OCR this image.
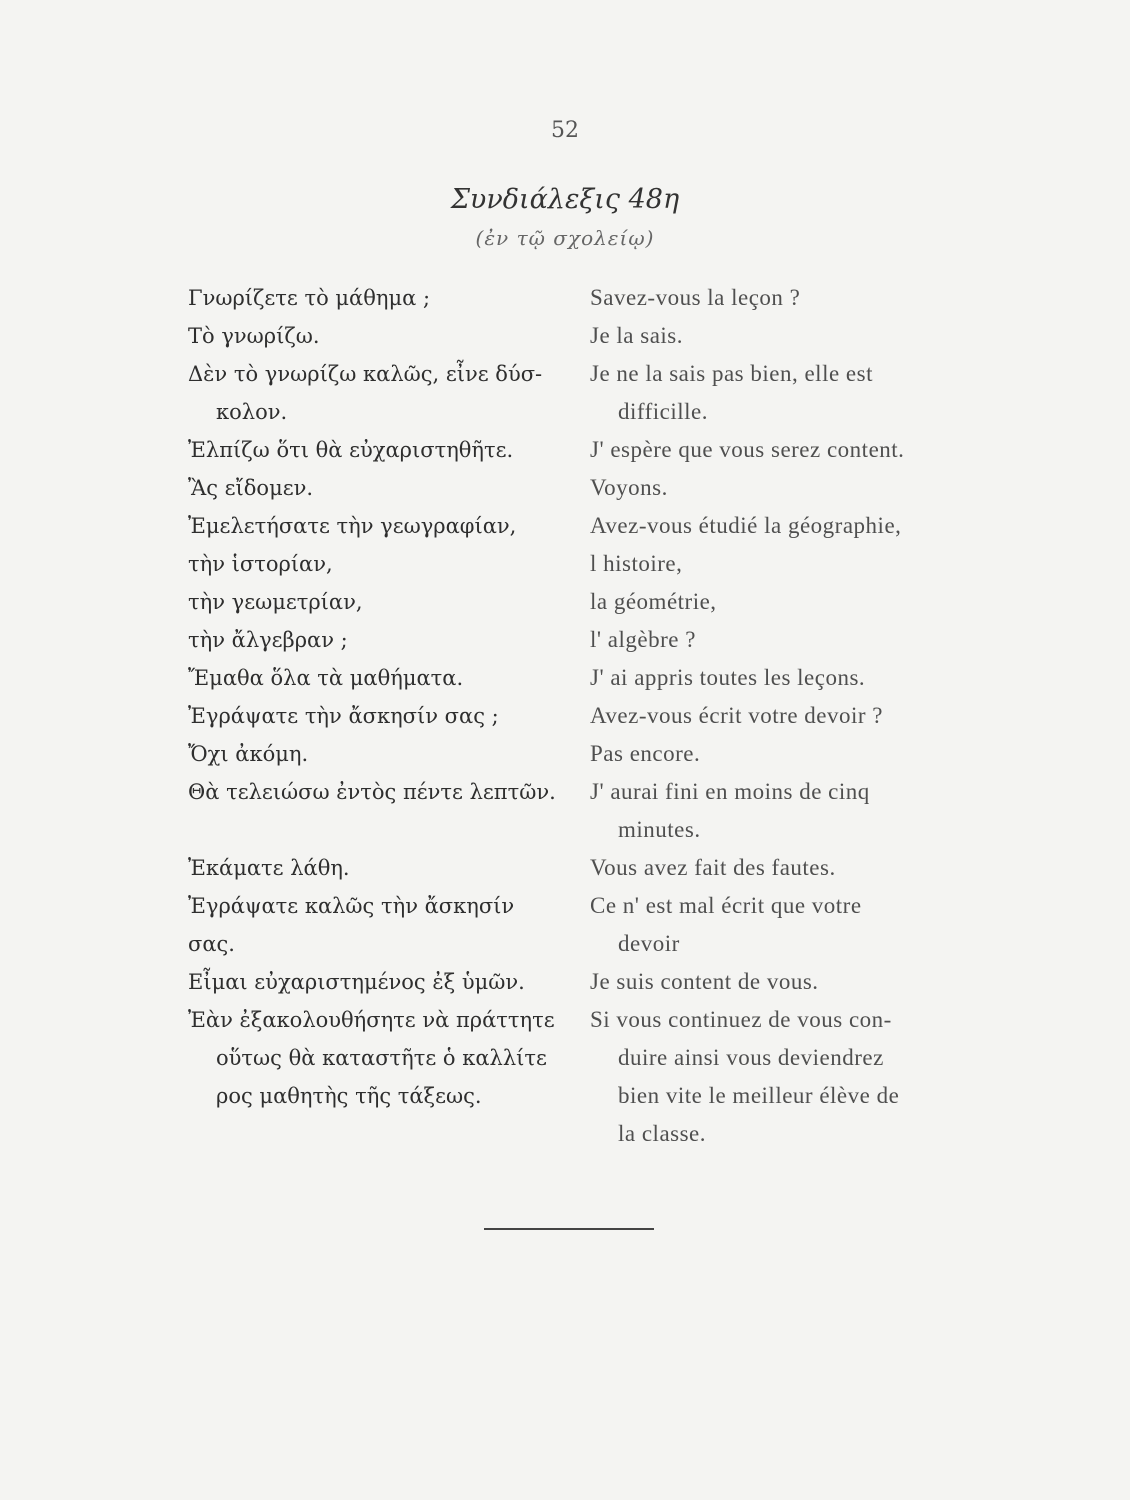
52
Συνδιάλεξις 48η
(ἐν τῷ σχολείῳ)
Γνωρίζετε τὸ μάθημα ;
Τὸ γνωρίζω.
Δὲν τὸ γνωρίζω καλῶς, εἶνε δύσ-
κολον.
Ἐλπίζω ὅτι θὰ εὐχαριστηθῆτε.
Ἂς εἴδομεν.
Ἐμελετήσατε τὴν γεωγραφίαν,
τὴν ἱστορίαν,
τὴν γεωμετρίαν,
τὴν ἄλγεβραν ;
Ἔμαθα ὅλα τὰ μαθήματα.
Ἐγράψατε τὴν ἄσκησίν σας ;
Ὄχι ἀκόμη.
Θὰ τελειώσω ἐντὸς πέντε λεπτῶν.
Ἐκάματε λάθη.
Ἐγράψατε καλῶς τὴν ἄσκησίν
σας.
Εἶμαι εὐχαριστημένος ἐξ ὑμῶν.
Ἐὰν ἐξακολουθήσητε νὰ πράττητε
οὕτως θὰ καταστῆτε ὁ καλλίτε
ρος μαθητὴς τῆς τάξεως.
Savez-vous la leçon ?
Je la sais.
Je ne la sais pas bien, elle est
difficille.
J' espère que vous serez content.
Voyons.
Avez-vous étudié la géographie,
l histoire,
la géométrie,
l' algèbre ?
J' ai appris toutes les leçons.
Avez-vous écrit votre devoir ?
Pas encore.
J' aurai fini en moins de cinq
minutes.
Vous avez fait des fautes.
Ce n' est mal écrit que votre
devoir
Je suis content de vous.
Si vous continuez de vous con-
duire ainsi vous deviendrez
bien vite le meilleur élève de
la classe.
